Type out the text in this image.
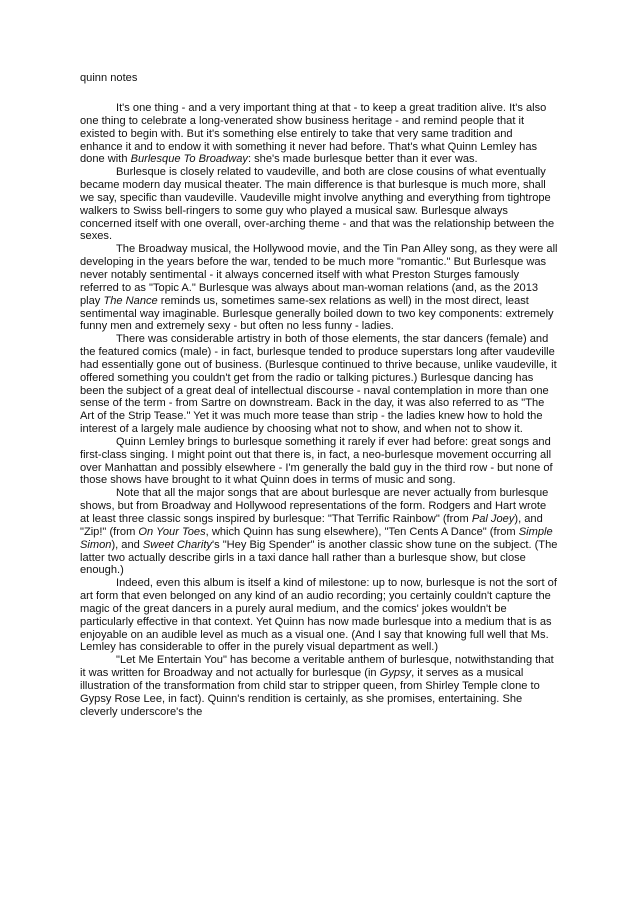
quinn notes

It's one thing - and a very important thing at that - to keep a great tradition alive. It's also one thing to celebrate a long-venerated show business heritage - and remind people that it existed to begin with. But it's something else entirely to take that very same tradition and enhance it and to endow it with something it never had before. That's what Quinn Lemley has done with Burlesque To Broadway: she's made burlesque better than it ever was.

Burlesque is closely related to vaudeville, and both are close cousins of what eventually became modern day musical theater. The main difference is that burlesque is much more, shall we say, specific than vaudeville. Vaudeville might involve anything and everything from tightrope walkers to Swiss bell-ringers to some guy who played a musical saw. Burlesque always concerned itself with one overall, over-arching theme - and that was the relationship between the sexes.

The Broadway musical, the Hollywood movie, and the Tin Pan Alley song, as they were all developing in the years before the war, tended to be much more "romantic." But Burlesque was never notably sentimental - it always concerned itself with what Preston Sturges famously referred to as "Topic A." Burlesque was always about man-woman relations (and, as the 2013 play The Nance reminds us, sometimes same-sex relations as well) in the most direct, least sentimental way imaginable. Burlesque generally boiled down to two key components: extremely funny men and extremely sexy - but often no less funny - ladies.

There was considerable artistry in both of those elements, the star dancers (female) and the featured comics (male) - in fact, burlesque tended to produce superstars long after vaudeville had essentially gone out of business. (Burlesque continued to thrive because, unlike vaudeville, it offered something you couldn't get from the radio or talking pictures.) Burlesque dancing has been the subject of a great deal of intellectual discourse - naval contemplation in more than one sense of the term - from Sartre on downstream. Back in the day, it was also referred to as "The Art of the Strip Tease." Yet it was much more tease than strip - the ladies knew how to hold the interest of a largely male audience by choosing what not to show, and when not to show it.

Quinn Lemley brings to burlesque something it rarely if ever had before: great songs and first-class singing. I might point out that there is, in fact, a neo-burlesque movement occurring all over Manhattan and possibly elsewhere - I'm generally the bald guy in the third row - but none of those shows have brought to it what Quinn does in terms of music and song.

Note that all the major songs that are about burlesque are never actually from burlesque shows, but from Broadway and Hollywood representations of the form. Rodgers and Hart wrote at least three classic songs inspired by burlesque: "That Terrific Rainbow" (from Pal Joey), and "Zip!" (from On Your Toes, which Quinn has sung elsewhere), "Ten Cents A Dance" (from Simple Simon), and Sweet Charity's "Hey Big Spender" is another classic show tune on the subject. (The latter two actually describe girls in a taxi dance hall rather than a burlesque show, but close enough.)

Indeed, even this album is itself a kind of milestone: up to now, burlesque is not the sort of art form that even belonged on any kind of an audio recording; you certainly couldn't capture the magic of the great dancers in a purely aural medium, and the comics' jokes wouldn't be particularly effective in that context. Yet Quinn has now made burlesque into a medium that is as enjoyable on an audible level as much as a visual one. (And I say that knowing full well that Ms. Lemley has considerable to offer in the purely visual department as well.)

"Let Me Entertain You" has become a veritable anthem of burlesque, notwithstanding that it was written for Broadway and not actually for burlesque (in Gypsy, it serves as a musical illustration of the transformation from child star to stripper queen, from Shirley Temple clone to Gypsy Rose Lee, in fact). Quinn's rendition is certainly, as she promises, entertaining. She cleverly underscore's the
